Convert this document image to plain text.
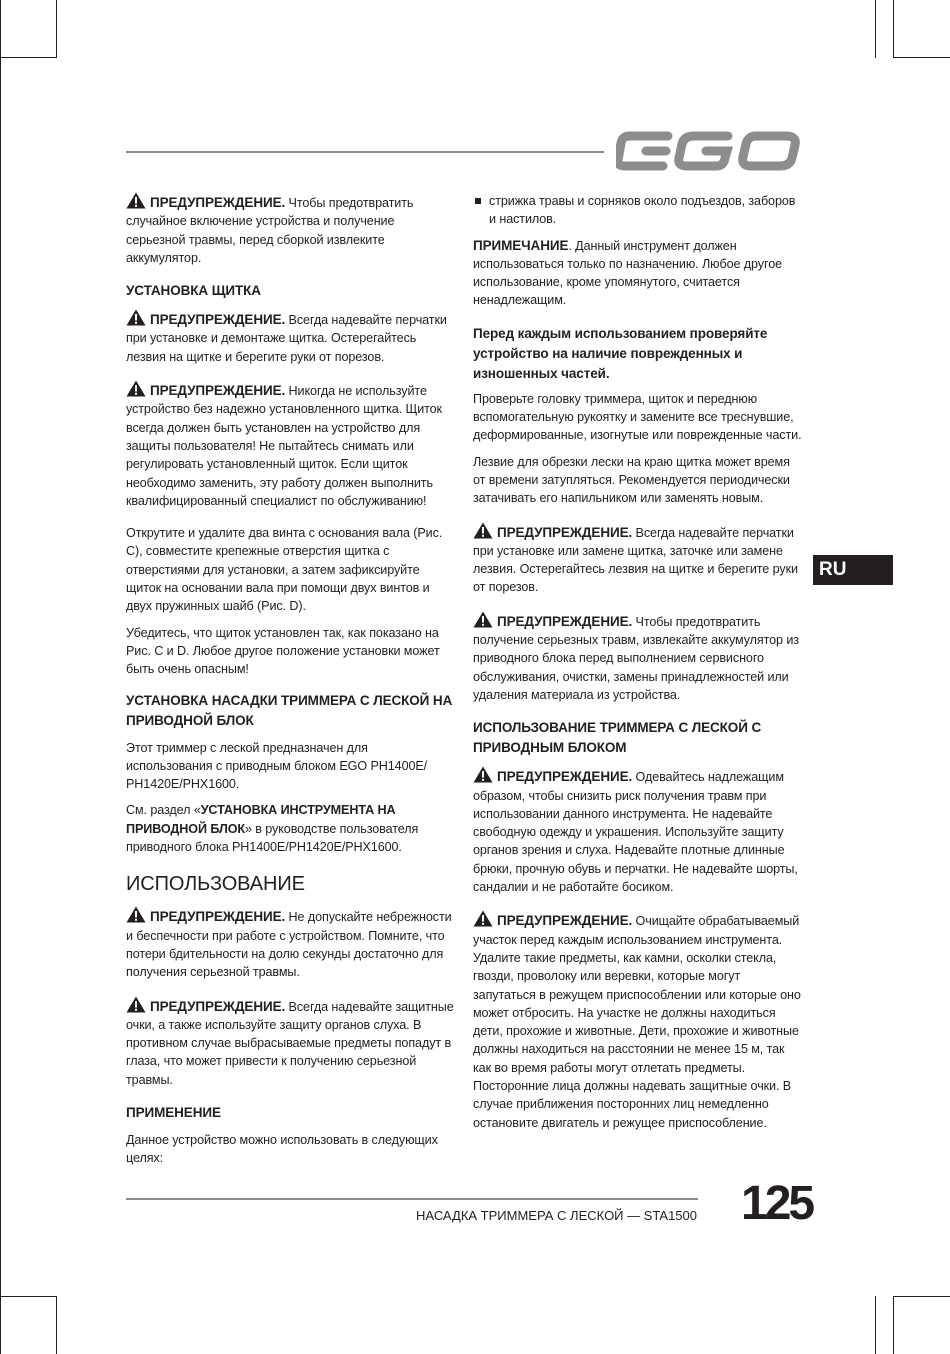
ПРЕДУПРЕЖДЕНИЕ. Чтобы предотвратить случайное включение устройства и получение серьезной травмы, перед сборкой извлеките аккумулятор.

УСТАНОВКА ЩИТКА

ПРЕДУПРЕЖДЕНИЕ. Всегда надевайте перчатки при установке и демонтаже щитка. Остерегайтесь лезвия на щитке и берегите руки от порезов.

ПРЕДУПРЕЖДЕНИЕ. Никогда не используйте устройство без надежно установленного щитка. Щиток всегда должен быть установлен на устройство для защиты пользователя! Не пытайтесь снимать или регулировать установленный щиток. Если щиток необходимо заменить, эту работу должен выполнить квалифицированный специалист по обслуживанию!

Открутите и удалите два винта с основания вала (Рис. C), совместите крепежные отверстия щитка с отверстиями для установки, а затем зафиксируйте щиток на основании вала при помощи двух винтов и двух пружинных шайб (Рис. D).

Убедитесь, что щиток установлен так, как показано на Рис. C и D. Любое другое положение установки может быть очень опасным!

УСТАНОВКА НАСАДКИ ТРИММЕРА С ЛЕСКОЙ НА ПРИВОДНОЙ БЛОК

Этот триммер с леской предназначен для использования с приводным блоком EGO PH1400E/ PH1420E/PHX1600.

См. раздел «УСТАНОВКА ИНСТРУМЕНТА НА ПРИВОДНОЙ БЛОК» в руководстве пользователя приводного блока PH1400E/PH1420E/PHX1600.

ИСПОЛЬЗОВАНИЕ

ПРЕДУПРЕЖДЕНИЕ. Не допускайте небрежности и беспечности при работе с устройством. Помните, что потери бдительности на долю секунды достаточно для получения серьезной травмы.

ПРЕДУПРЕЖДЕНИЕ. Всегда надевайте защитные очки, а также используйте защиту органов слуха. В противном случае выбрасываемые предметы попадут в глаза, что может привести к получению серьезной травмы.

ПРИМЕНЕНИЕ

Данное устройство можно использовать в следующих целях:

стрижка травы и сорняков около подъездов, заборов и настилов.

ПРИМЕЧАНИЕ. Данный инструмент должен использоваться только по назначению. Любое другое использование, кроме упомянутого, считается ненадлежащим.

Перед каждым использованием проверяйте устройство на наличие поврежденных и изношенных частей.

Проверьте головку триммера, щиток и переднюю вспомогательную рукоятку и замените все треснувшие, деформированные, изогнутые или поврежденные части.

Лезвие для обрезки лески на краю щитка может время от времени затупляться. Рекомендуется периодически затачивать его напильником или заменять новым.

ПРЕДУПРЕЖДЕНИЕ. Всегда надевайте перчатки при установке или замене щитка, заточке или замене лезвия. Остерегайтесь лезвия на щитке и берегите руки от порезов.

ПРЕДУПРЕЖДЕНИЕ. Чтобы предотвратить получение серьезных травм, извлекайте аккумулятор из приводного блока перед выполнением сервисного обслуживания, очистки, замены принадлежностей или удаления материала из устройства.

ИСПОЛЬЗОВАНИЕ ТРИММЕРА С ЛЕСКОЙ С ПРИВОДНЫМ БЛОКОМ

ПРЕДУПРЕЖДЕНИЕ. Одевайтесь надлежащим образом, чтобы снизить риск получения травм при использовании данного инструмента. Не надевайте свободную одежду и украшения. Используйте защиту органов зрения и слуха. Надевайте плотные длинные брюки, прочную обувь и перчатки. Не надевайте шорты, сандалии и не работайте босиком.

ПРЕДУПРЕЖДЕНИЕ. Очищайте обрабатываемый участок перед каждым использованием инструмента. Удалите такие предметы, как камни, осколки стекла, гвозди, проволоку или веревки, которые могут запутаться в режущем приспособлении или которые оно может отбросить. На участке не должны находиться дети, прохожие и животные. Дети, прохожие и животные должны находиться на расстоянии не менее 15 м, так как во время работы могут отлетать предметы. Посторонние лица должны надевать защитные очки. В случае приближения посторонних лиц немедленно остановите двигатель и режущее приспособление.

RU
НАСАДКА ТРИММЕРА С ЛЕСКОЙ — STA1500 125
